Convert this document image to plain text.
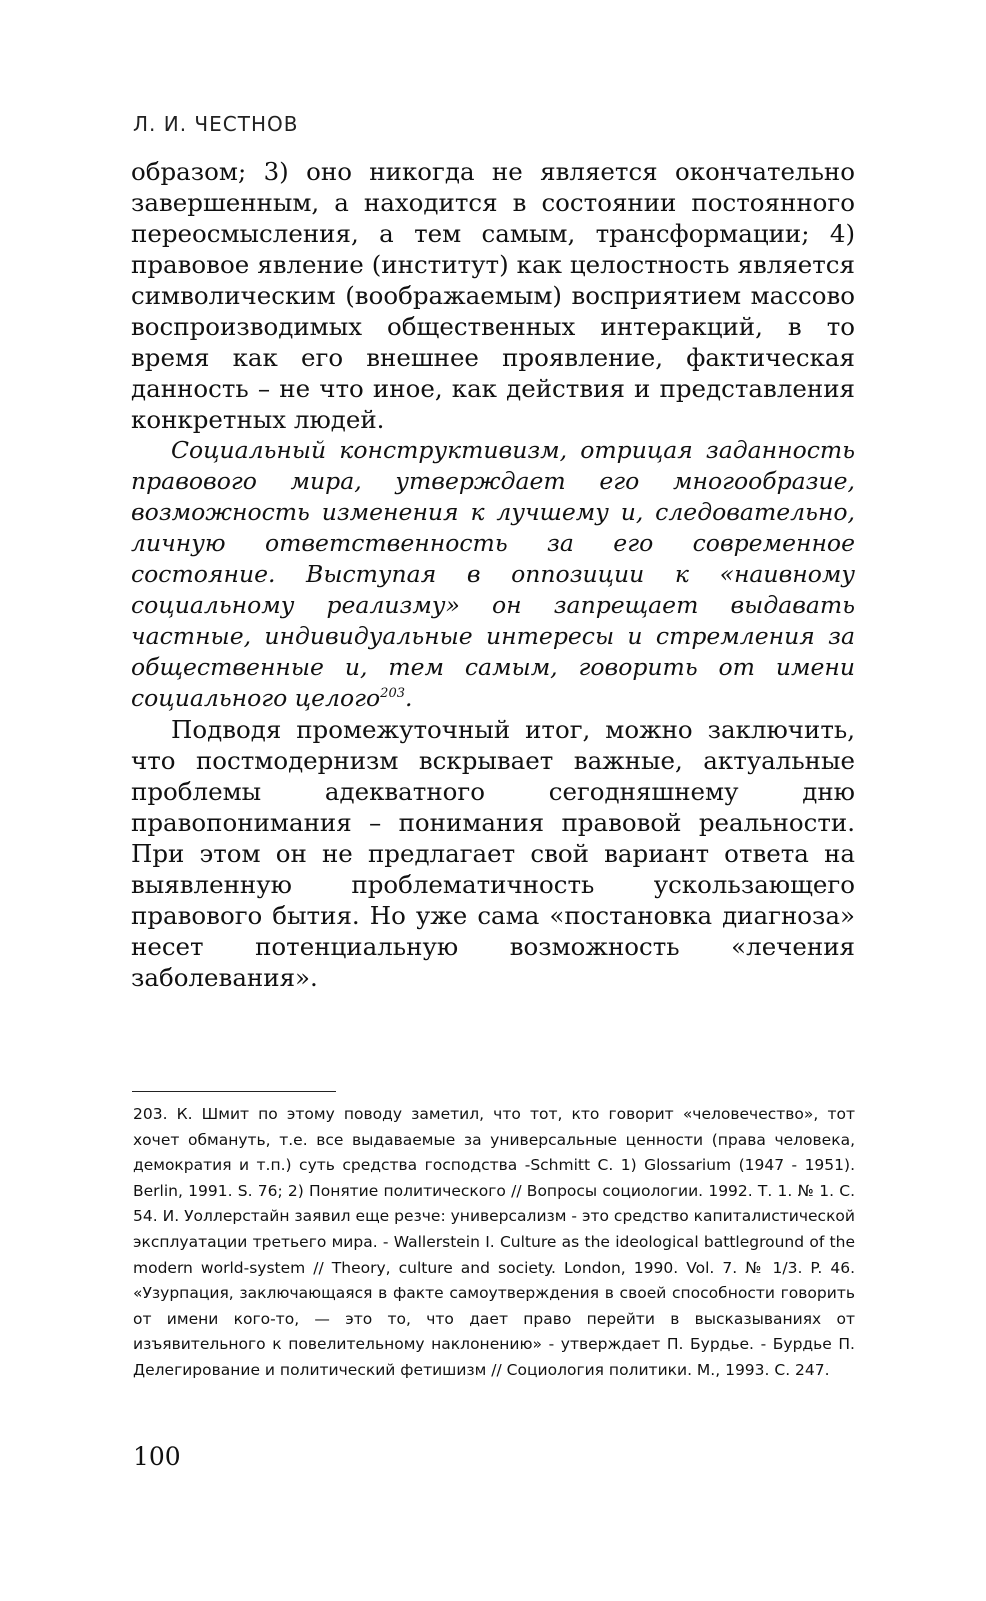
Л. И. ЧЕСТНОВ

образом; 3) оно никогда не является окончательно завершенным, а находится в состоянии постоянного переосмысления, а тем самым, трансформации; 4) правовое явление (институт) как целостность является символическим (воображаемым) восприятием массово воспроизводимых общественных интеракций, в то время как его внешнее проявление, фактическая данность – не что иное, как действия и представления конкретных людей.

Социальный конструктивизм, отрицая заданность правового мира, утверждает его многообразие, возможность изменения к лучшему и, следовательно, личную ответственность за его современное состояние. Выступая в оппозиции к «наивному социальному реализму» он запрещает выдавать частные, индивидуальные интересы и стремления за общественные и, тем самым, говорить от имени социального целого$^{203}$.

Подводя промежуточный итог, можно заключить, что постмодернизм вскрывает важные, актуальные проблемы адекватного сегодняшнему дню правопонимания – понимания правовой реальности. При этом он не предлагает свой вариант ответа на выявленную проблематичность ускользающего правового бытия. Но уже сама «постановка диагноза» несет потенциальную возможность «лечения заболевания».

203. К. Шмит по этому поводу заметил, что тот, кто говорит «человечество», тот хочет обмануть, т.е. все выдаваемые за универсальные ценности (права человека, демократия и т.п.) суть средства господства -Schmitt C. 1) Glossarium (1947 - 1951). Berlin, 1991. S. 76; 2) Понятие политического // Вопросы социологии. 1992. Т. 1. № 1. С. 54. И. Уоллерстайн заявил еще резче: универсализм - это средство капиталистической эксплуатации третьего мира. - Wallerstein I. Culture as the ideological battleground of the modern world-system // Theory, culture and society. London, 1990. Vol. 7. № 1/3. P. 46. «Узурпация, заключающаяся в факте самоутверждения в своей способности говорить от имени кого-то, — это то, что дает право перейти в высказываниях от изъявительного к повелительному наклонению» - утверждает П. Бурдье. - Бурдье П. Делегирование и политический фетишизм // Социология политики. М., 1993. С. 247.

100
